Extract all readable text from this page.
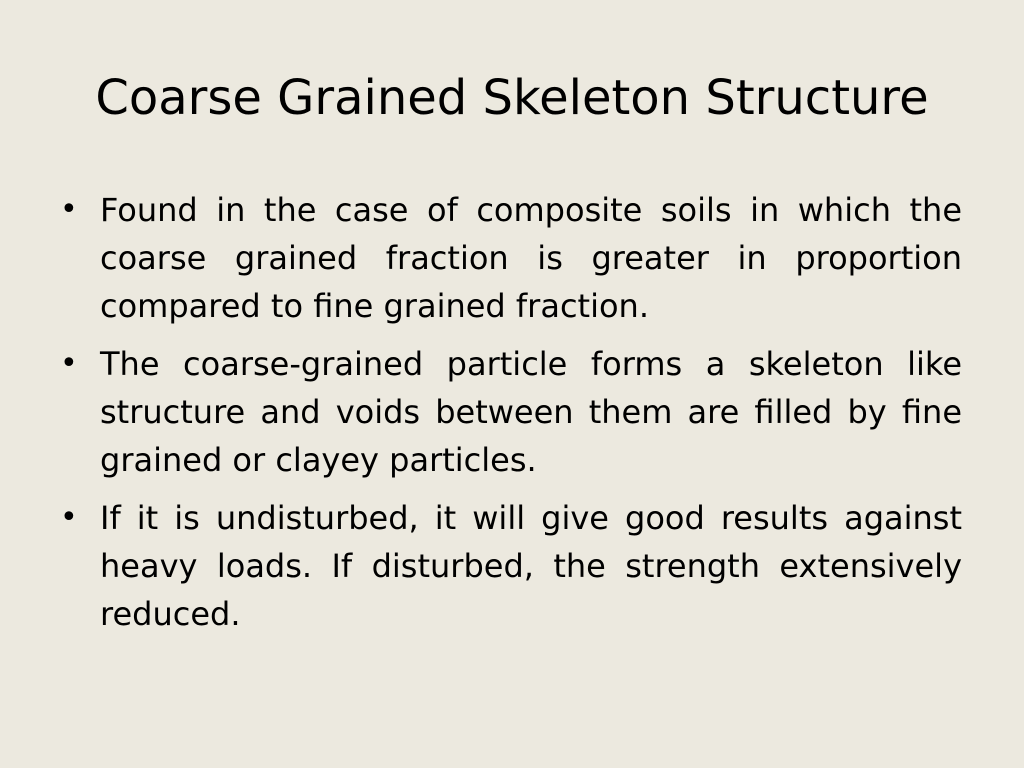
Coarse Grained Skeleton Structure
• Found in the case of composite soils in which the coarse grained fraction is greater in proportion compared to fine grained fraction.
• The coarse-grained particle forms a skeleton like structure and voids between them are filled by fine grained or clayey particles.
• If it is undisturbed, it will give good results against heavy loads. If disturbed, the strength extensively reduced.
